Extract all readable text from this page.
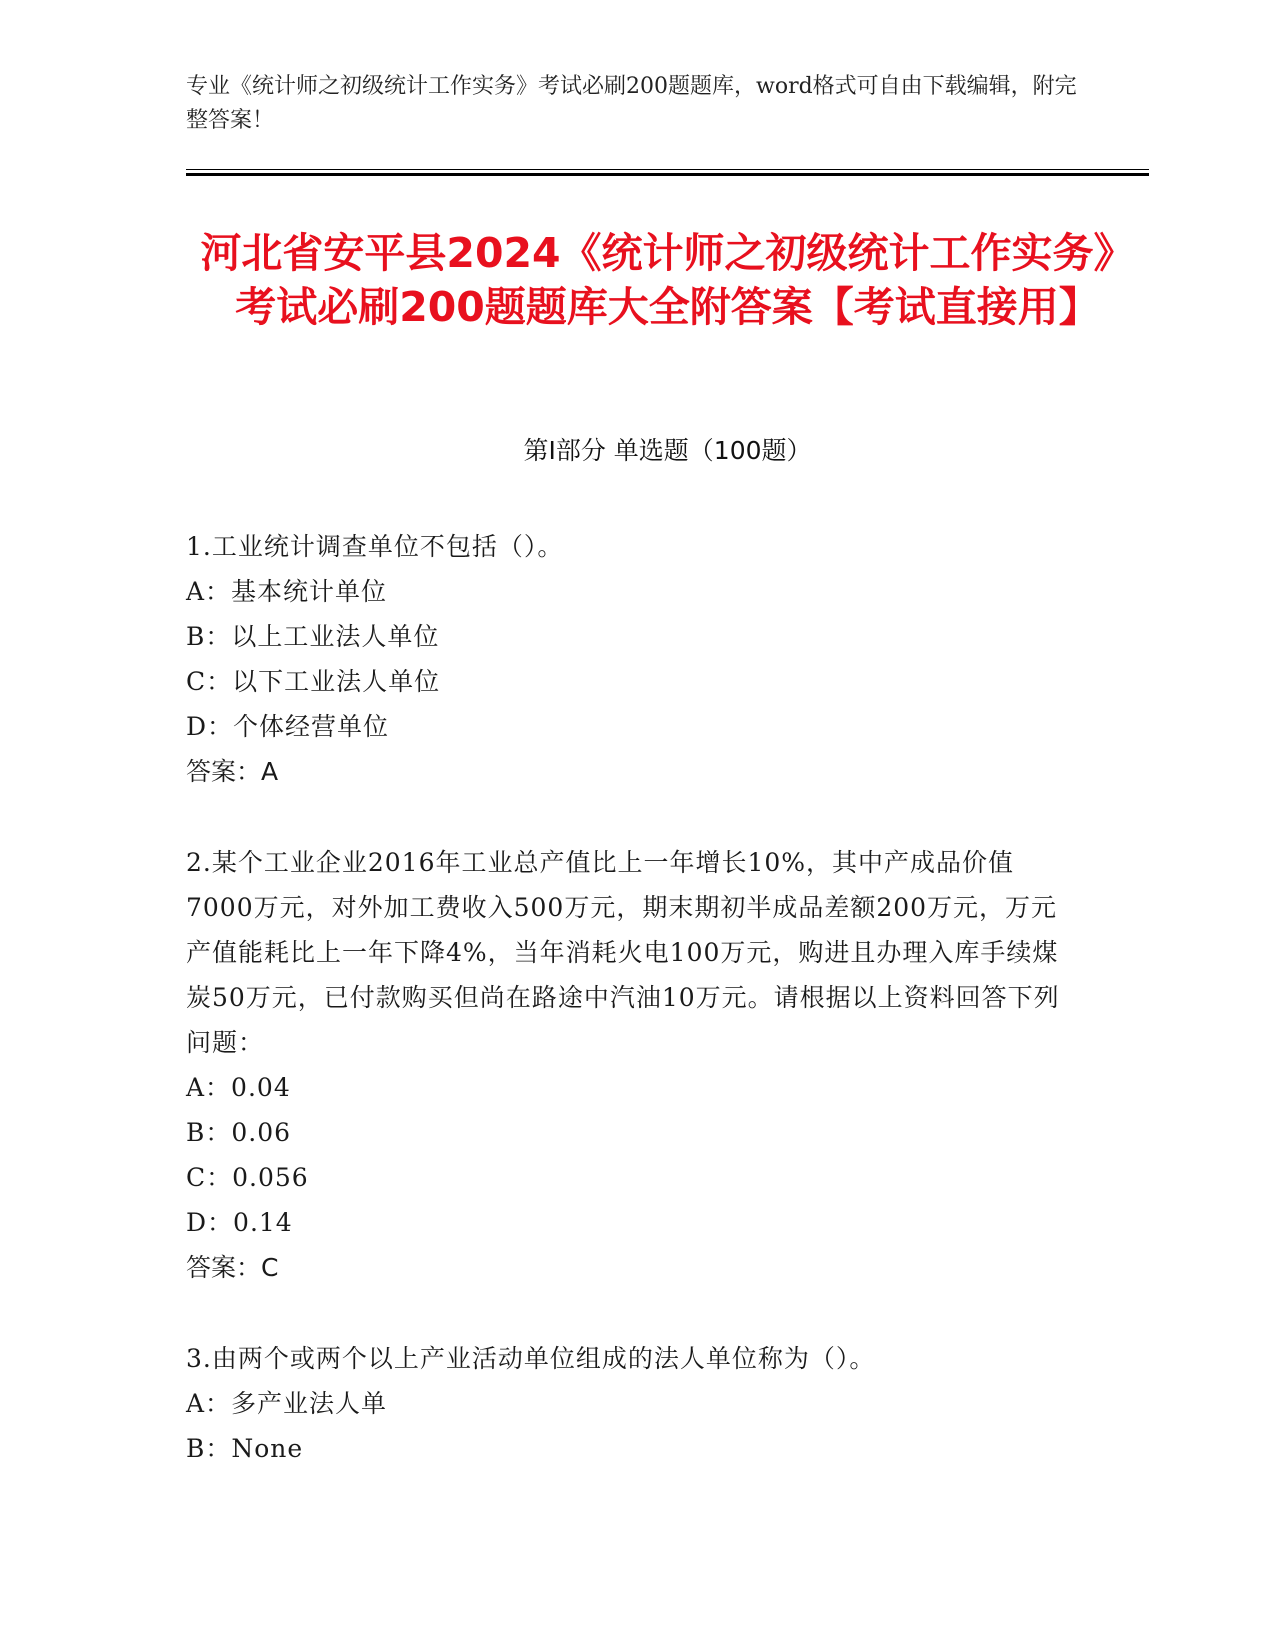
专业《统计师之初级统计工作实务》考试必刷200题题库，word格式可自由下载编辑，附完整答案！
河北省安平县2024《统计师之初级统计工作实务》考试必刷200题题库大全附答案【考试直接用】
第I部分 单选题（100题）

1.工业统计调查单位不包括（）。

A：基本统计单位

B：以上工业法人单位

C：以下工业法人单位

D：个体经营单位

答案：A

2.某个工业企业2016年工业总产值比上一年增长10%，其中产成品价值7000万元，对外加工费收入500万元，期末期初半成品差额200万元，万元产值能耗比上一年下降4%，当年消耗火电100万元，购进且办理入库手续煤炭50万元，已付款购买但尚在路途中汽油10万元。请根据以上资料回答下列问题：

A：0.04

B：0.06

C：0.056

D：0.14

答案：C

3.由两个或两个以上产业活动单位组成的法人单位称为（）。

A：多产业法人单

B：None
